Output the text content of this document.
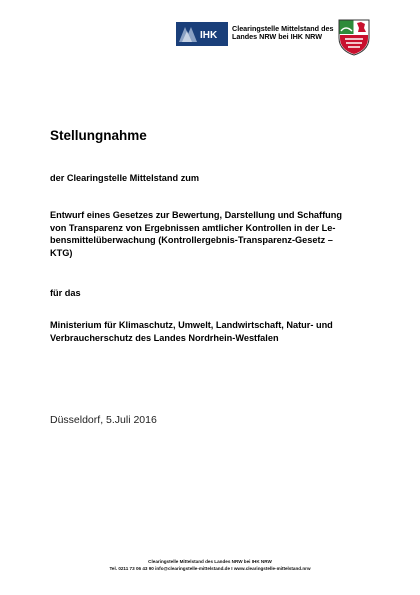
IHK
Clearingstelle Mittelstand des
Landes NRW bei IHK NRW
Stellungnahme
der Clearingstelle Mittelstand zum
Entwurf eines Gesetzes zur Bewertung, Darstellung und Schaffung
von Transparenz von Ergebnissen amtlicher Kontrollen in der Le-
bensmittelüberwachung (Kontrollergebnis-Transparenz-Gesetz –
KTG)
für das
Ministerium für Klimaschutz, Umwelt, Landwirtschaft, Natur- und
Verbraucherschutz des Landes Nordrhein-Westfalen
Düsseldorf, 5.Juli 2016
Clearingstelle Mittelstand des Landes NRW bei IHK NRW
Tel. 0211 73 06 43 90 info@clearingstelle-mittelstand.de I www.clearingstelle-mittelstand.nrw
